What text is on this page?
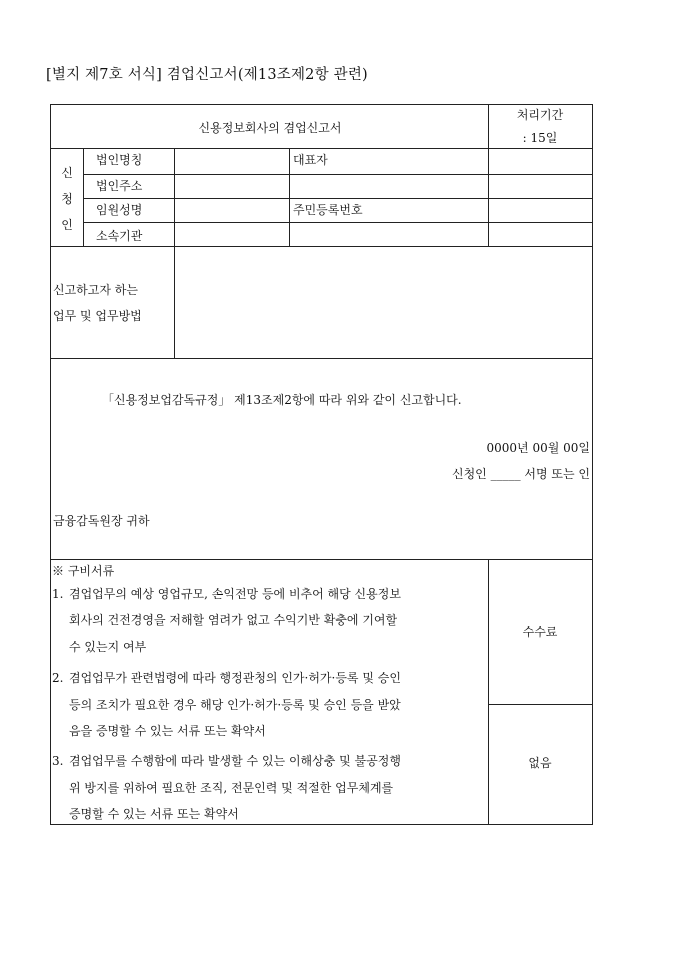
[별지 제7호 서식] 겸업신고서(제13조제2항 관련)
신용정보회사의 겸업신고서
처리기간
: 15일
신
청
인
법인명칭	대표자
법인주소
임원성명	주민등록번호
소속기관
신고하고자 하는
업무 및 업무방법
「신용정보업감독규정」 제13조제2항에 따라 위와 같이 신고합니다.
0000년 00월 00일
신청인 _____ 서명 또는 인
금융감독원장 귀하
※ 구비서류
1. 겸업업무의 예상 영업규모, 손익전망 등에 비추어 해당 신용정보
회사의 건전경영을 저해할 염려가 없고 수익기반 확충에 기여할
수 있는지 여부
2. 겸업업무가 관련법령에 따라 행정관청의 인가·허가·등록 및 승인
등의 조치가 필요한 경우 해당 인가·허가·등록 및 승인 등을 받았
음을 증명할 수 있는 서류 또는 확약서
3. 겸업업무를 수행함에 따라 발생할 수 있는 이해상충 및 불공정행
위 방지를 위하여 필요한 조직, 전문인력 및 적절한 업무체계를
증명할 수 있는 서류 또는 확약서
수수료
없음
